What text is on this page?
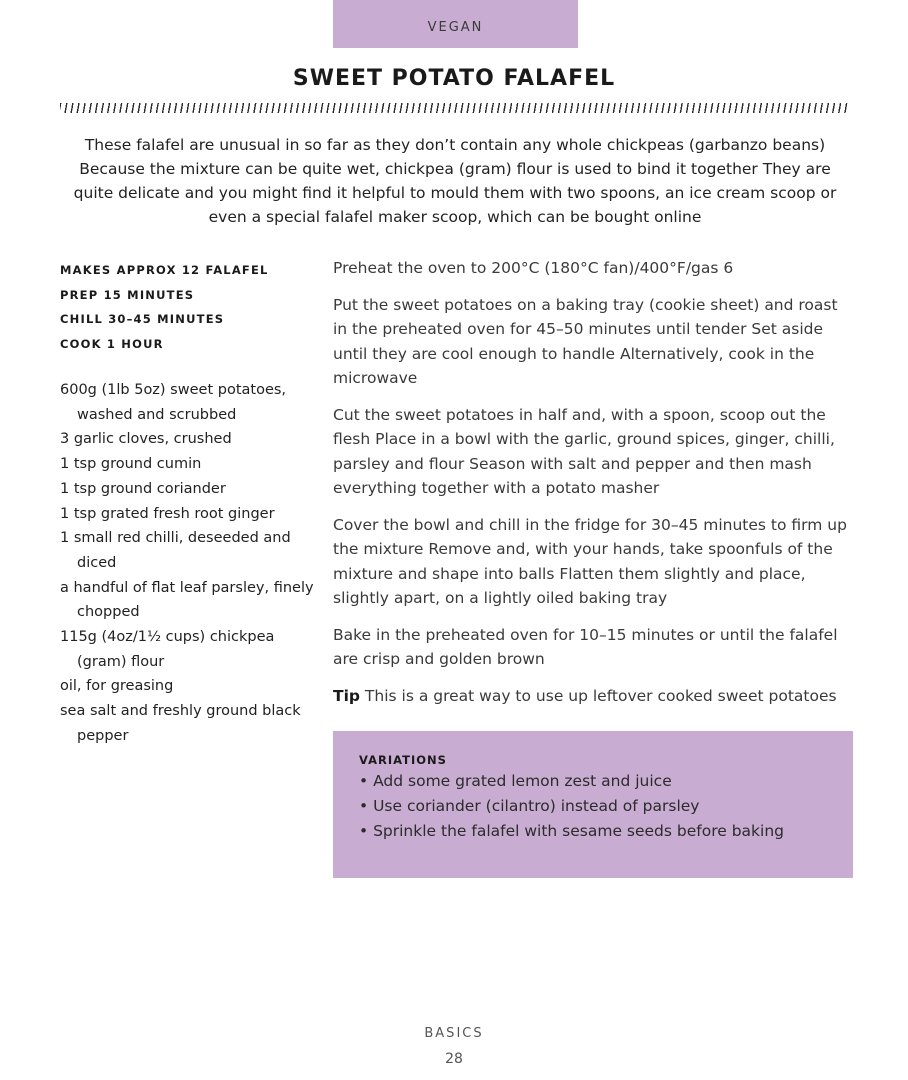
VEGAN
SWEET POTATO FALAFEL
These falafel are unusual in so far as they don’t contain any whole chickpeas (garbanzo beans) Because the mixture can be quite wet, chickpea (gram) flour is used to bind it together They are quite delicate and you might find it helpful to mould them with two spoons, an ice cream scoop or even a special falafel maker scoop, which can be bought online
MAKES APPROX 12 FALAFEL
PREP 15 MINUTES
CHILL 30–45 MINUTES
COOK 1 HOUR
600g (1lb 5oz) sweet potatoes, washed and scrubbed
3 garlic cloves, crushed
1 tsp ground cumin
1 tsp ground coriander
1 tsp grated fresh root ginger
1 small red chilli, deseeded and diced
a handful of flat leaf parsley, finely chopped
115g (4oz/1½ cups) chickpea (gram) flour
oil, for greasing
sea salt and freshly ground black pepper

Preheat the oven to 200°C (180°C fan)/400°F/gas 6

Put the sweet potatoes on a baking tray (cookie sheet) and roast in the preheated oven for 45–50 minutes until tender Set aside until they are cool enough to handle Alternatively, cook in the microwave

Cut the sweet potatoes in half and, with a spoon, scoop out the flesh Place in a bowl with the garlic, ground spices, ginger, chilli, parsley and flour Season with salt and pepper and then mash everything together with a potato masher

Cover the bowl and chill in the fridge for 30–45 minutes to firm up the mixture Remove and, with your hands, take spoonfuls of the mixture and shape into balls Flatten them slightly and place, slightly apart, on a lightly oiled baking tray

Bake in the preheated oven for 10–15 minutes or until the falafel are crisp and golden brown

Tip This is a great way to use up leftover cooked sweet potatoes

VARIATIONS
• Add some grated lemon zest and juice
• Use coriander (cilantro) instead of parsley
• Sprinkle the falafel with sesame seeds before baking
BASICS
28
